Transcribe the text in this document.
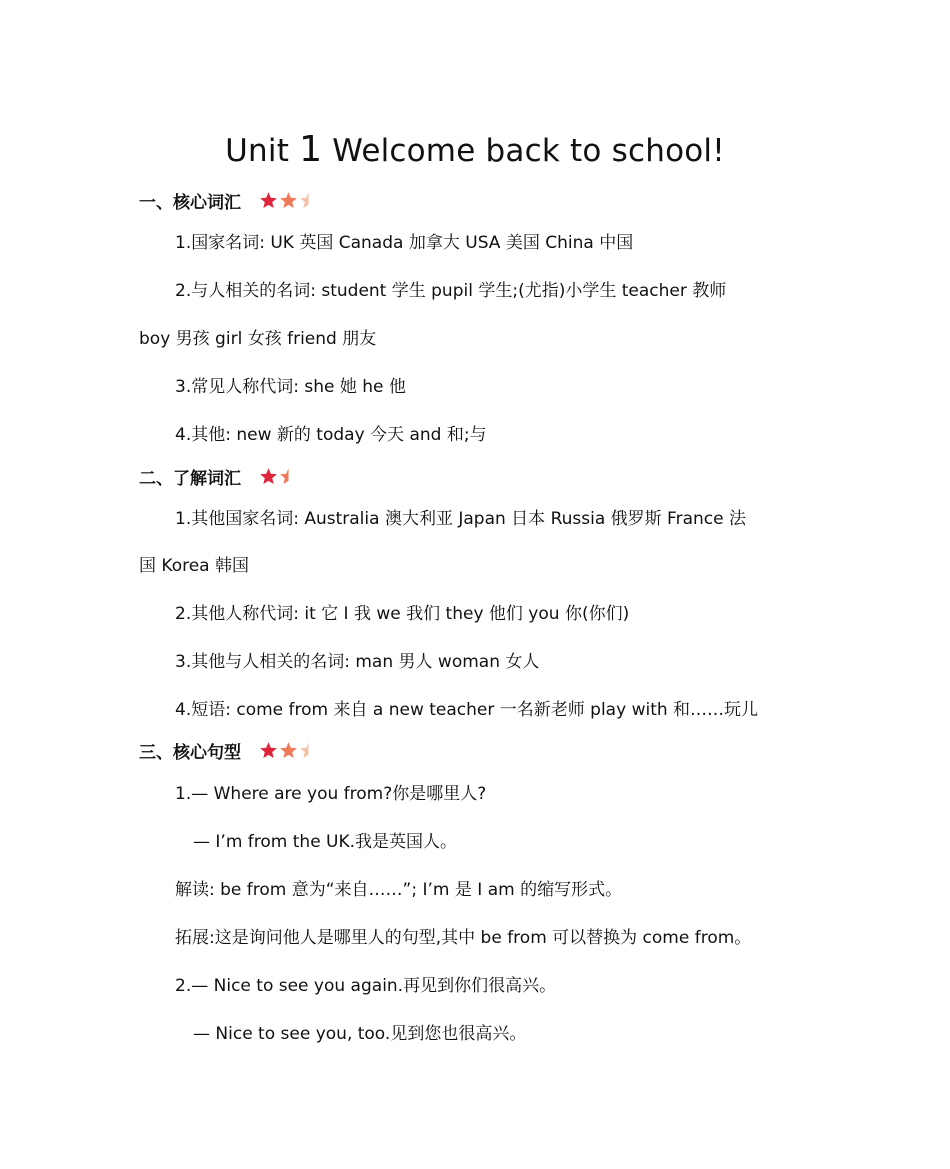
Unit 1 Welcome back to school!
一、核心词汇
1.国家名词: UK 英国 Canada 加拿大 USA 美国 China 中国
2.与人相关的名词: student 学生 pupil 学生;(尤指)小学生 teacher 教师
boy 男孩 girl 女孩 friend 朋友
3.常见人称代词: she 她 he 他
4.其他: new 新的 today 今天 and 和;与
二、了解词汇
1.其他国家名词: Australia 澳大利亚 Japan 日本 Russia 俄罗斯 France 法
国 Korea 韩国
2.其他人称代词: it 它 I 我 we 我们 they 他们 you 你(你们)
3.其他与人相关的名词: man 男人 woman 女人
4.短语: come from 来自 a new teacher 一名新老师 play with 和……玩儿
三、核心句型
1.— Where are you from?你是哪里人?
— I’m from the UK.我是英国人。
解读: be from 意为“来自……”; I’m 是 I am 的缩写形式。
拓展:这是询问他人是哪里人的句型,其中 be from 可以替换为 come from。
2.— Nice to see you again.再见到你们很高兴。
— Nice to see you, too.见到您也很高兴。
